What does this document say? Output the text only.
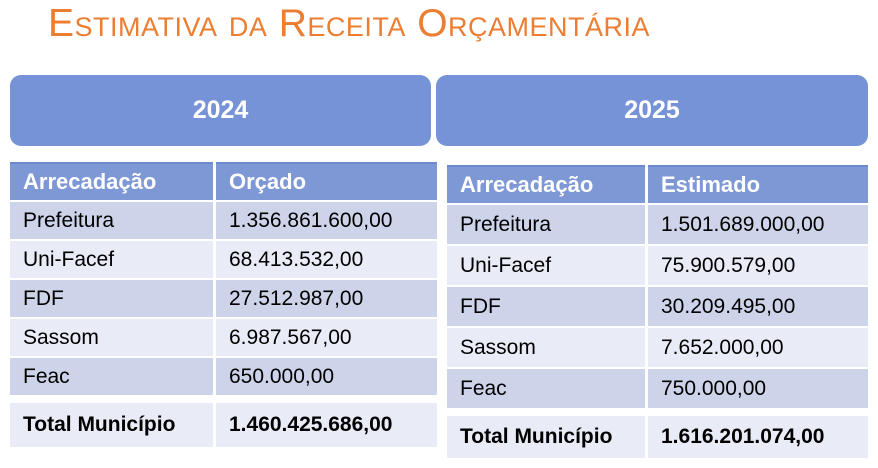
Estimativa da Receita Orçamentária
2024	2025
Arrecadação	Orçado
Prefeitura	1.356.861.600,00
Uni-Facef	68.413.532,00
FDF	27.512.987,00
Sassom	6.987.567,00
Feac	650.000,00
Total Município	1.460.425.686,00
Arrecadação	Estimado
Prefeitura	1.501.689.000,00
Uni-Facef	75.900.579,00
FDF	30.209.495,00
Sassom	7.652.000,00
Feac	750.000,00
Total Município	1.616.201.074,00
